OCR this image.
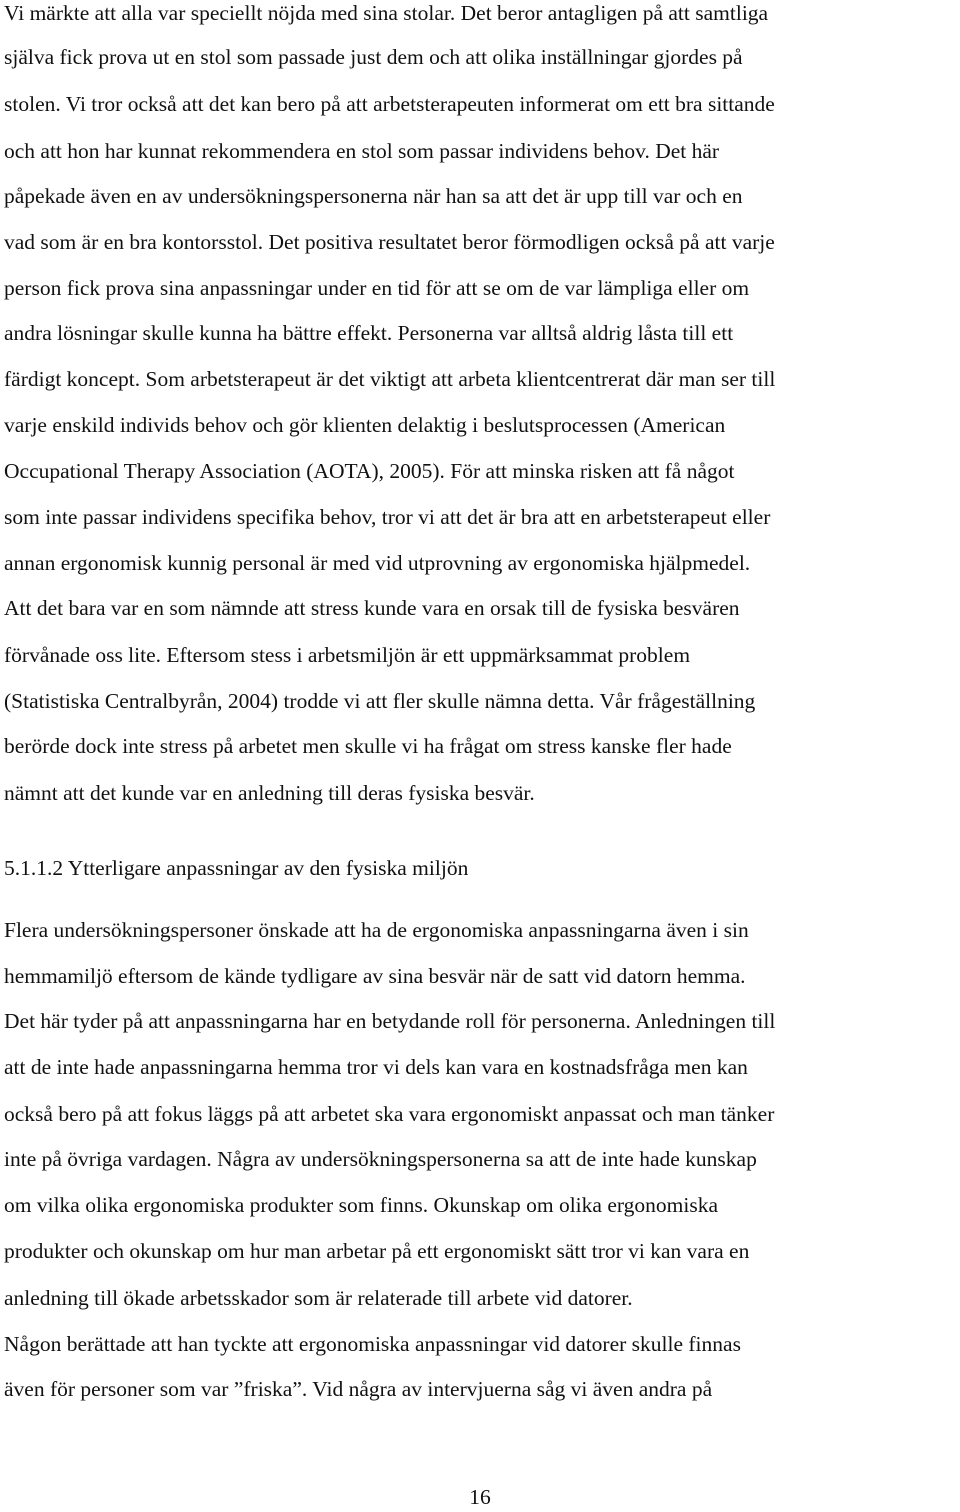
Vi märkte att alla var speciellt nöjda med sina stolar. Det beror antagligen på att samtliga
själva fick prova ut en stol som passade just dem och att olika inställningar gjordes på
stolen. Vi tror också att det kan bero på att arbetsterapeuten informerat om ett bra sittande
och att hon har kunnat rekommendera en stol som passar individens behov. Det här
påpekade även en av undersökningspersonerna när han sa att det är upp till var och en
vad som är en bra kontorsstol. Det positiva resultatet beror förmodligen också på att varje
person fick prova sina anpassningar under en tid för att se om de var lämpliga eller om
andra lösningar skulle kunna ha bättre effekt. Personerna var alltså aldrig låsta till ett
färdigt koncept. Som arbetsterapeut är det viktigt att arbeta klientcentrerat där man ser till
varje enskild individs behov och gör klienten delaktig i beslutsprocessen (American
Occupational Therapy Association (AOTA), 2005). För att minska risken att få något
som inte passar individens specifika behov, tror vi att det är bra att en arbetsterapeut eller
annan ergonomisk kunnig personal är med vid utprovning av ergonomiska hjälpmedel.
Att det bara var en som nämnde att stress kunde vara en orsak till de fysiska besvären
förvånade oss lite. Eftersom stess i arbetsmiljön är ett uppmärksammat problem
(Statistiska Centralbyrån, 2004) trodde vi att fler skulle nämna detta. Vår frågeställning
berörde dock inte stress på arbetet men skulle vi ha frågat om stress kanske fler hade
nämnt att det kunde var en anledning till deras fysiska besvär.
5.1.1.2 Ytterligare anpassningar av den fysiska miljön
Flera undersökningspersoner önskade att ha de ergonomiska anpassningarna även i sin
hemmamiljö eftersom de kände tydligare av sina besvär när de satt vid datorn hemma.
Det här tyder på att anpassningarna har en betydande roll för personerna. Anledningen till
att de inte hade anpassningarna hemma tror vi dels kan vara en kostnadsfråga men kan
också bero på att fokus läggs på att arbetet ska vara ergonomiskt anpassat och man tänker
inte på övriga vardagen. Några av undersökningspersonerna sa att de inte hade kunskap
om vilka olika ergonomiska produkter som finns. Okunskap om olika ergonomiska
produkter och okunskap om hur man arbetar på ett ergonomiskt sätt tror vi kan vara en
anledning till ökade arbetsskador som är relaterade till arbete vid datorer.
Någon berättade att han tyckte att ergonomiska anpassningar vid datorer skulle finnas
även för personer som var ”friska”. Vid några av intervjuerna såg vi även andra på
16
